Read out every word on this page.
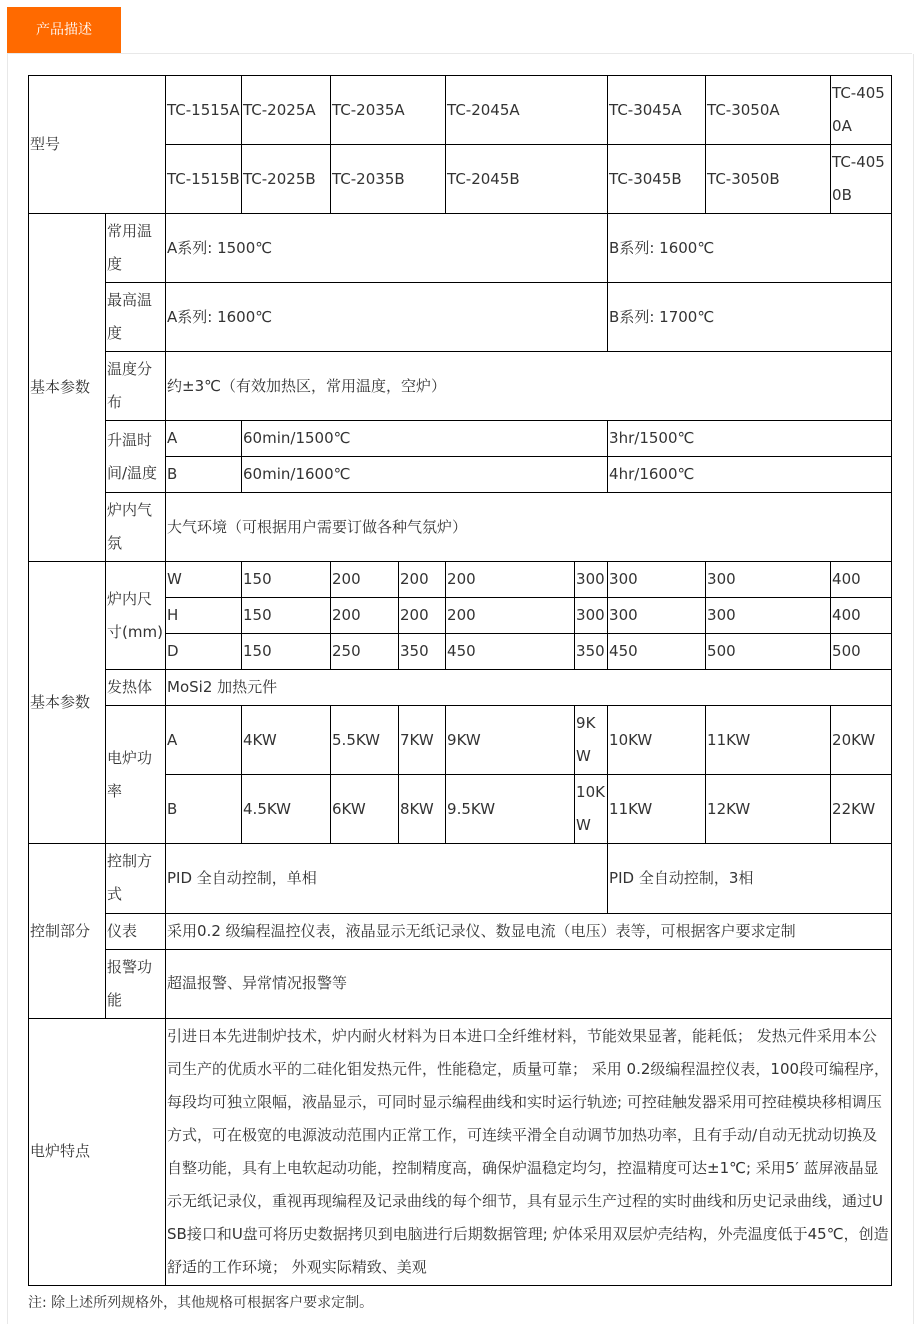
产品描述
型号		TC-1515A	TC-2025A	TC-2035A		TC-2045A		TC-3045A	TC-3050A	TC-4050A
		TC-1515B	TC-2025B	TC-2035B		TC-2045B		TC-3045B	TC-3050B	TC-4050B
基本参数	常用温度	A系列: 1500℃						B系列: 1600℃		
	最高温度	A系列: 1600℃						B系列: 1700℃		
	温度分布	约±3℃（有效加热区，常用温度，空炉）								
	升温时间/温度	A	60min/1500℃					3hr/1500℃		
		B	60min/1600℃					4hr/1600℃		
	炉内气氛	大气环境（可根据用户需要订做各种气氛炉）								
基本参数	炉内尺寸(mm)	W	150	200	200	200	300	300	300	400
		H	150	200	200	200	300	300	300	400
		D	150	250	350	450	350	450	500	500
	发热体	MoSi2 加热元件								
	电炉功率	A	4KW	5.5KW	7KW	9KW	9KW	10KW	11KW	20KW
		B	4.5KW	6KW	8KW	9.5KW	10KW	11KW	12KW	22KW
控制部分	控制方式	PID 全自动控制，单相						PID 全自动控制，3相		
	仪表	采用0.2 级编程温控仪表，液晶显示无纸记录仪、数显电流（电压）表等，可根据客户要求定制								
	报警功能	超温报警、异常情况报警等								
电炉特点		引进日本先进制炉技术，炉内耐火材料为日本进口全纤维材料，节能效果显著，能耗低； 发热元件采用本公司生产的优质水平的二硅化钼发热元件，性能稳定，质量可靠； 采用 0.2级编程温控仪表，100段可编程序，每段均可独立限幅，液晶显示，可同时显示编程曲线和实时运行轨迹; 可控硅触发器采用可控硅模块移相调压方式，可在极宽的电源波动范围内正常工作，可连续平滑全自动调节加热功率，且有手动/自动无扰动切换及自整功能，具有上电软起动功能，控制精度高，确保炉温稳定均匀，控温精度可达±1℃; 采用5′ 蓝屏液晶显示无纸记录仪，重视再现编程及记录曲线的每个细节，具有显示生产过程的实时曲线和历史记录曲线，通过USB接口和U盘可将历史数据拷贝到电脑进行后期数据管理; 炉体采用双层炉壳结构，外壳温度低于45℃，创造舒适的工作环境； 外观实际精致、美观								
注: 除上述所列规格外，其他规格可根据客户要求定制。
